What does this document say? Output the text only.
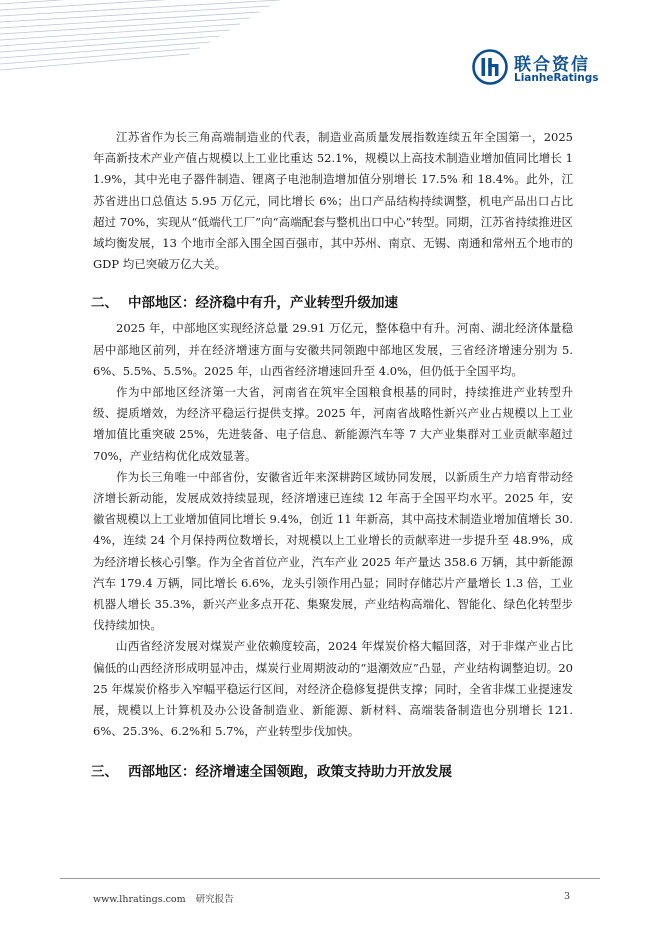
联合资信
LianheRatings

江苏省作为长三角高端制造业的代表，制造业高质量发展指数连续五年全国第一，2025 年高新技术产业产值占规模以上工业比重达 52.1%，规模以上高技术制造业增加值同比增长 11.9%，其中光电子器件制造、锂离子电池制造增加值分别增长 17.5% 和 18.4%。此外，江苏省进出口总值达 5.95 万亿元，同比增长 6%；出口产品结构持续调整，机电产品出口占比超过 70%，实现从“低端代工厂”向“高端配套与整机出口中心”转型。同期，江苏省持续推进区域均衡发展，13 个地市全部入围全国百强市，其中苏州、南京、无锡、南通和常州五个地市的 GDP 均已突破万亿大关。

二、 中部地区：经济稳中有升，产业转型升级加速

2025 年，中部地区实现经济总量 29.91 万亿元，整体稳中有升。河南、湖北经济体量稳居中部地区前列，并在经济增速方面与安徽共同领跑中部地区发展，三省经济增速分别为 5.6%、5.5%、5.5%。2025 年，山西省经济增速回升至 4.0%，但仍低于全国平均。

作为中部地区经济第一大省，河南省在筑牢全国粮食根基的同时，持续推进产业转型升级、提质增效，为经济平稳运行提供支撑。2025 年，河南省战略性新兴产业占规模以上工业增加值比重突破 25%，先进装备、电子信息、新能源汽车等 7 大产业集群对工业贡献率超过 70%，产业结构优化成效显著。

作为长三角唯一中部省份，安徽省近年来深耕跨区域协同发展，以新质生产力培育带动经济增长新动能，发展成效持续显现，经济增速已连续 12 年高于全国平均水平。2025 年，安徽省规模以上工业增加值同比增长 9.4%，创近 11 年新高，其中高技术制造业增加值增长 30.4%，连续 24 个月保持两位数增长，对规模以上工业增长的贡献率进一步提升至 48.9%，成为经济增长核心引擎。作为全省首位产业，汽车产业 2025 年产量达 358.6 万辆，其中新能源汽车 179.4 万辆，同比增长 6.6%，龙头引领作用凸显；同时存储芯片产量增长 1.3 倍，工业机器人增长 35.3%，新兴产业多点开花、集聚发展，产业结构高端化、智能化、绿色化转型步伐持续加快。

山西省经济发展对煤炭产业依赖度较高，2024 年煤炭价格大幅回落，对于非煤产业占比偏低的山西经济形成明显冲击，煤炭行业周期波动的“退潮效应”凸显，产业结构调整迫切。2025 年煤炭价格步入窄幅平稳运行区间，对经济企稳修复提供支撑；同时，全省非煤工业提速发展，规模以上计算机及办公设备制造业、新能源、新材料、高端装备制造也分别增长 121.6%、25.3%、6.2%和 5.7%，产业转型步伐加快。

三、 西部地区：经济增速全国领跑，政策支持助力开放发展
www.lhratings.com 研究报告	3
